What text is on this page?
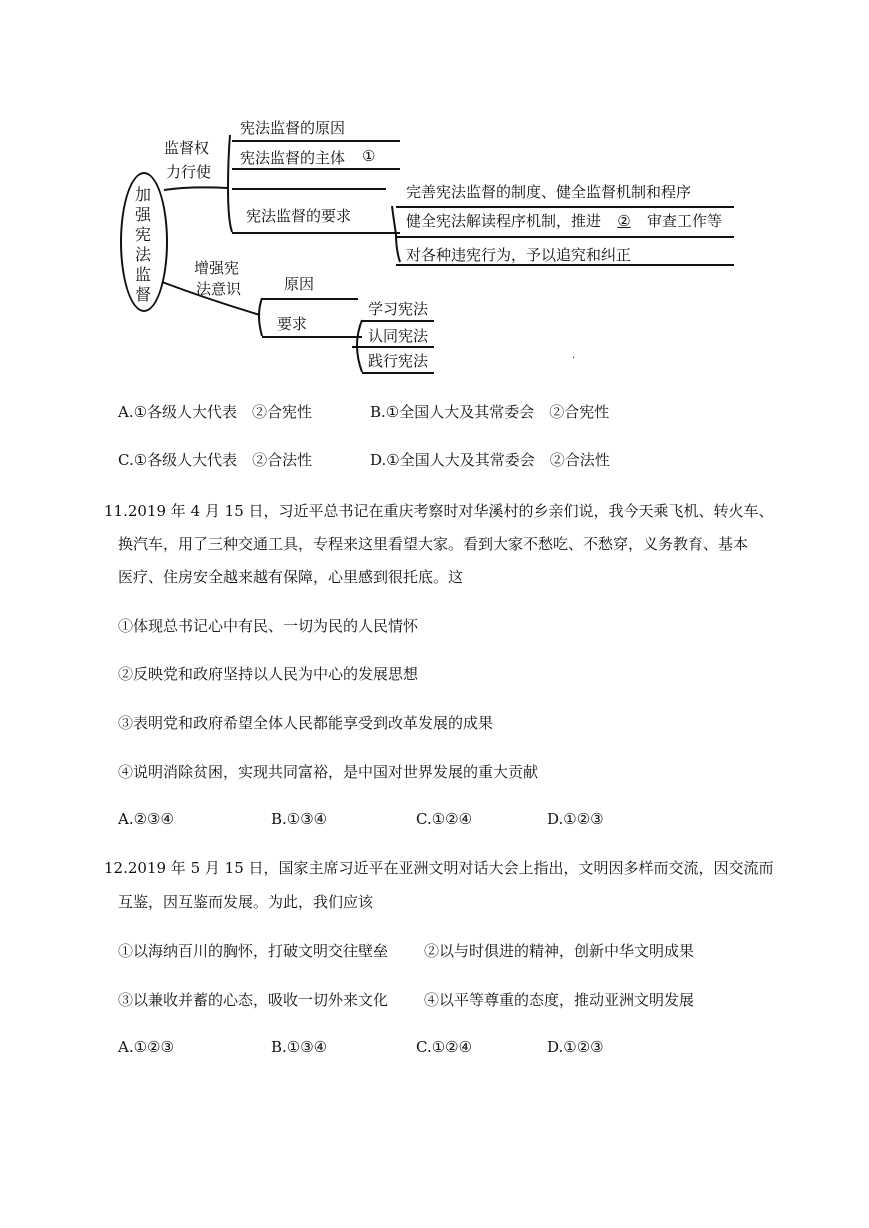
加强宪法监督
监督权
力行使
宪法监督的原因
宪法监督的主体 ①
宪法监督的要求
完善宪法监督的制度、健全监督机制和程序
健全宪法解读程序机制，推进 ② 审查工作等
对各种违宪行为，予以追究和纠正
增强宪
法意识	原因
要求
学习宪法
认同宪法
践行宪法	.
A.①各级人大代表　②合宪性	B.①全国人大及其常委会　②合宪性
C.①各级人大代表　②合法性	D.①全国人大及其常委会　②合法性
11.2019 年 4 月 15 日，习近平总书记在重庆考察时对华溪村的乡亲们说，我今天乘飞机、转火车、
换汽车，用了三种交通工具，专程来这里看望大家。看到大家不愁吃、不愁穿，义务教育、基本
医疗、住房安全越来越有保障，心里感到很托底。这
①体现总书记心中有民、一切为民的人民情怀
②反映党和政府坚持以人民为中心的发展思想
③表明党和政府希望全体人民都能享受到改革发展的成果
④说明消除贫困，实现共同富裕，是中国对世界发展的重大贡献
A.②③④	B.①③④	C.①②④	D.①②③
12.2019 年 5 月 15 日，国家主席习近平在亚洲文明对话大会上指出，文明因多样而交流，因交流而
互鉴，因互鉴而发展。为此，我们应该
①以海纳百川的胸怀，打破文明交往壁垒 ②以与时俱进的精神，创新中华文明成果
③以兼收并蓄的心态，吸收一切外来文化 ④以平等尊重的态度，推动亚洲文明发展
A.①②③	B.①③④	C.①②④	D.①②③
